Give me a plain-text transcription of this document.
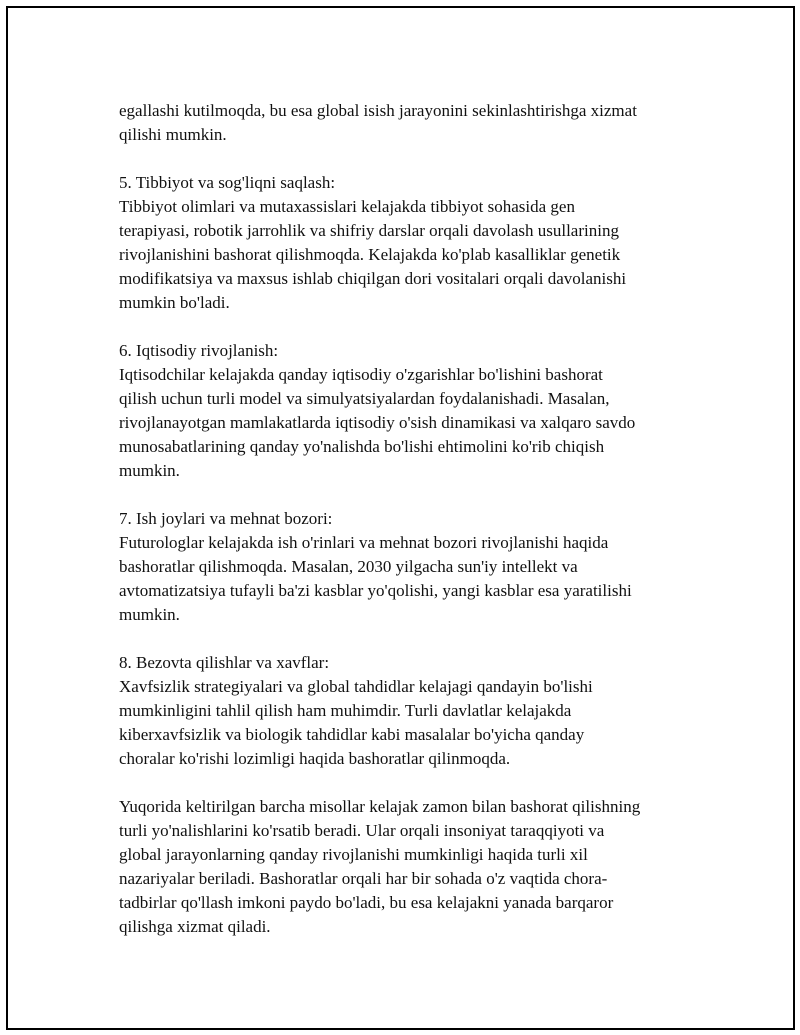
egallashi kutilmoqda, bu esa global isish jarayonini sekinlashtirishga xizmat
qilishi mumkin.

5. Tibbiyot va sog'liqni saqlash:
Tibbiyot olimlari va mutaxassislari kelajakda tibbiyot sohasida gen
terapiyasi, robotik jarrohlik va shifriy darslar orqali davolash usullarining
rivojlanishini bashorat qilishmoqda. Kelajakda ko'plab kasalliklar genetik
modifikatsiya va maxsus ishlab chiqilgan dori vositalari orqali davolanishi
mumkin bo'ladi.

6. Iqtisodiy rivojlanish:
Iqtisodchilar kelajakda qanday iqtisodiy o'zgarishlar bo'lishini bashorat
qilish uchun turli model va simulyatsiyalardan foydalanishadi. Masalan,
rivojlanayotgan mamlakatlarda iqtisodiy o'sish dinamikasi va xalqaro savdo
munosabatlarining qanday yo'nalishda bo'lishi ehtimolini ko'rib chiqish
mumkin.

7. Ish joylari va mehnat bozori:
Futurologlar kelajakda ish o'rinlari va mehnat bozori rivojlanishi haqida
bashoratlar qilishmoqda. Masalan, 2030 yilgacha sun'iy intellekt va
avtomatizatsiya tufayli ba'zi kasblar yo'qolishi, yangi kasblar esa yaratilishi
mumkin.

8. Bezovta qilishlar va xavflar:
Xavfsizlik strategiyalari va global tahdidlar kelajagi qandayin bo'lishi
mumkinligini tahlil qilish ham muhimdir. Turli davlatlar kelajakda
kiberxavfsizlik va biologik tahdidlar kabi masalalar bo'yicha qanday
choralar ko'rishi lozimligi haqida bashoratlar qilinmoqda.

Yuqorida keltirilgan barcha misollar kelajak zamon bilan bashorat qilishning
turli yo'nalishlarini ko'rsatib beradi. Ular orqali insoniyat taraqqiyoti va
global jarayonlarning qanday rivojlanishi mumkinligi haqida turli xil
nazariyalar beriladi. Bashoratlar orqali har bir sohada o'z vaqtida chora-
tadbirlar qo'llash imkoni paydo bo'ladi, bu esa kelajakni yanada barqaror
qilishga xizmat qiladi.
